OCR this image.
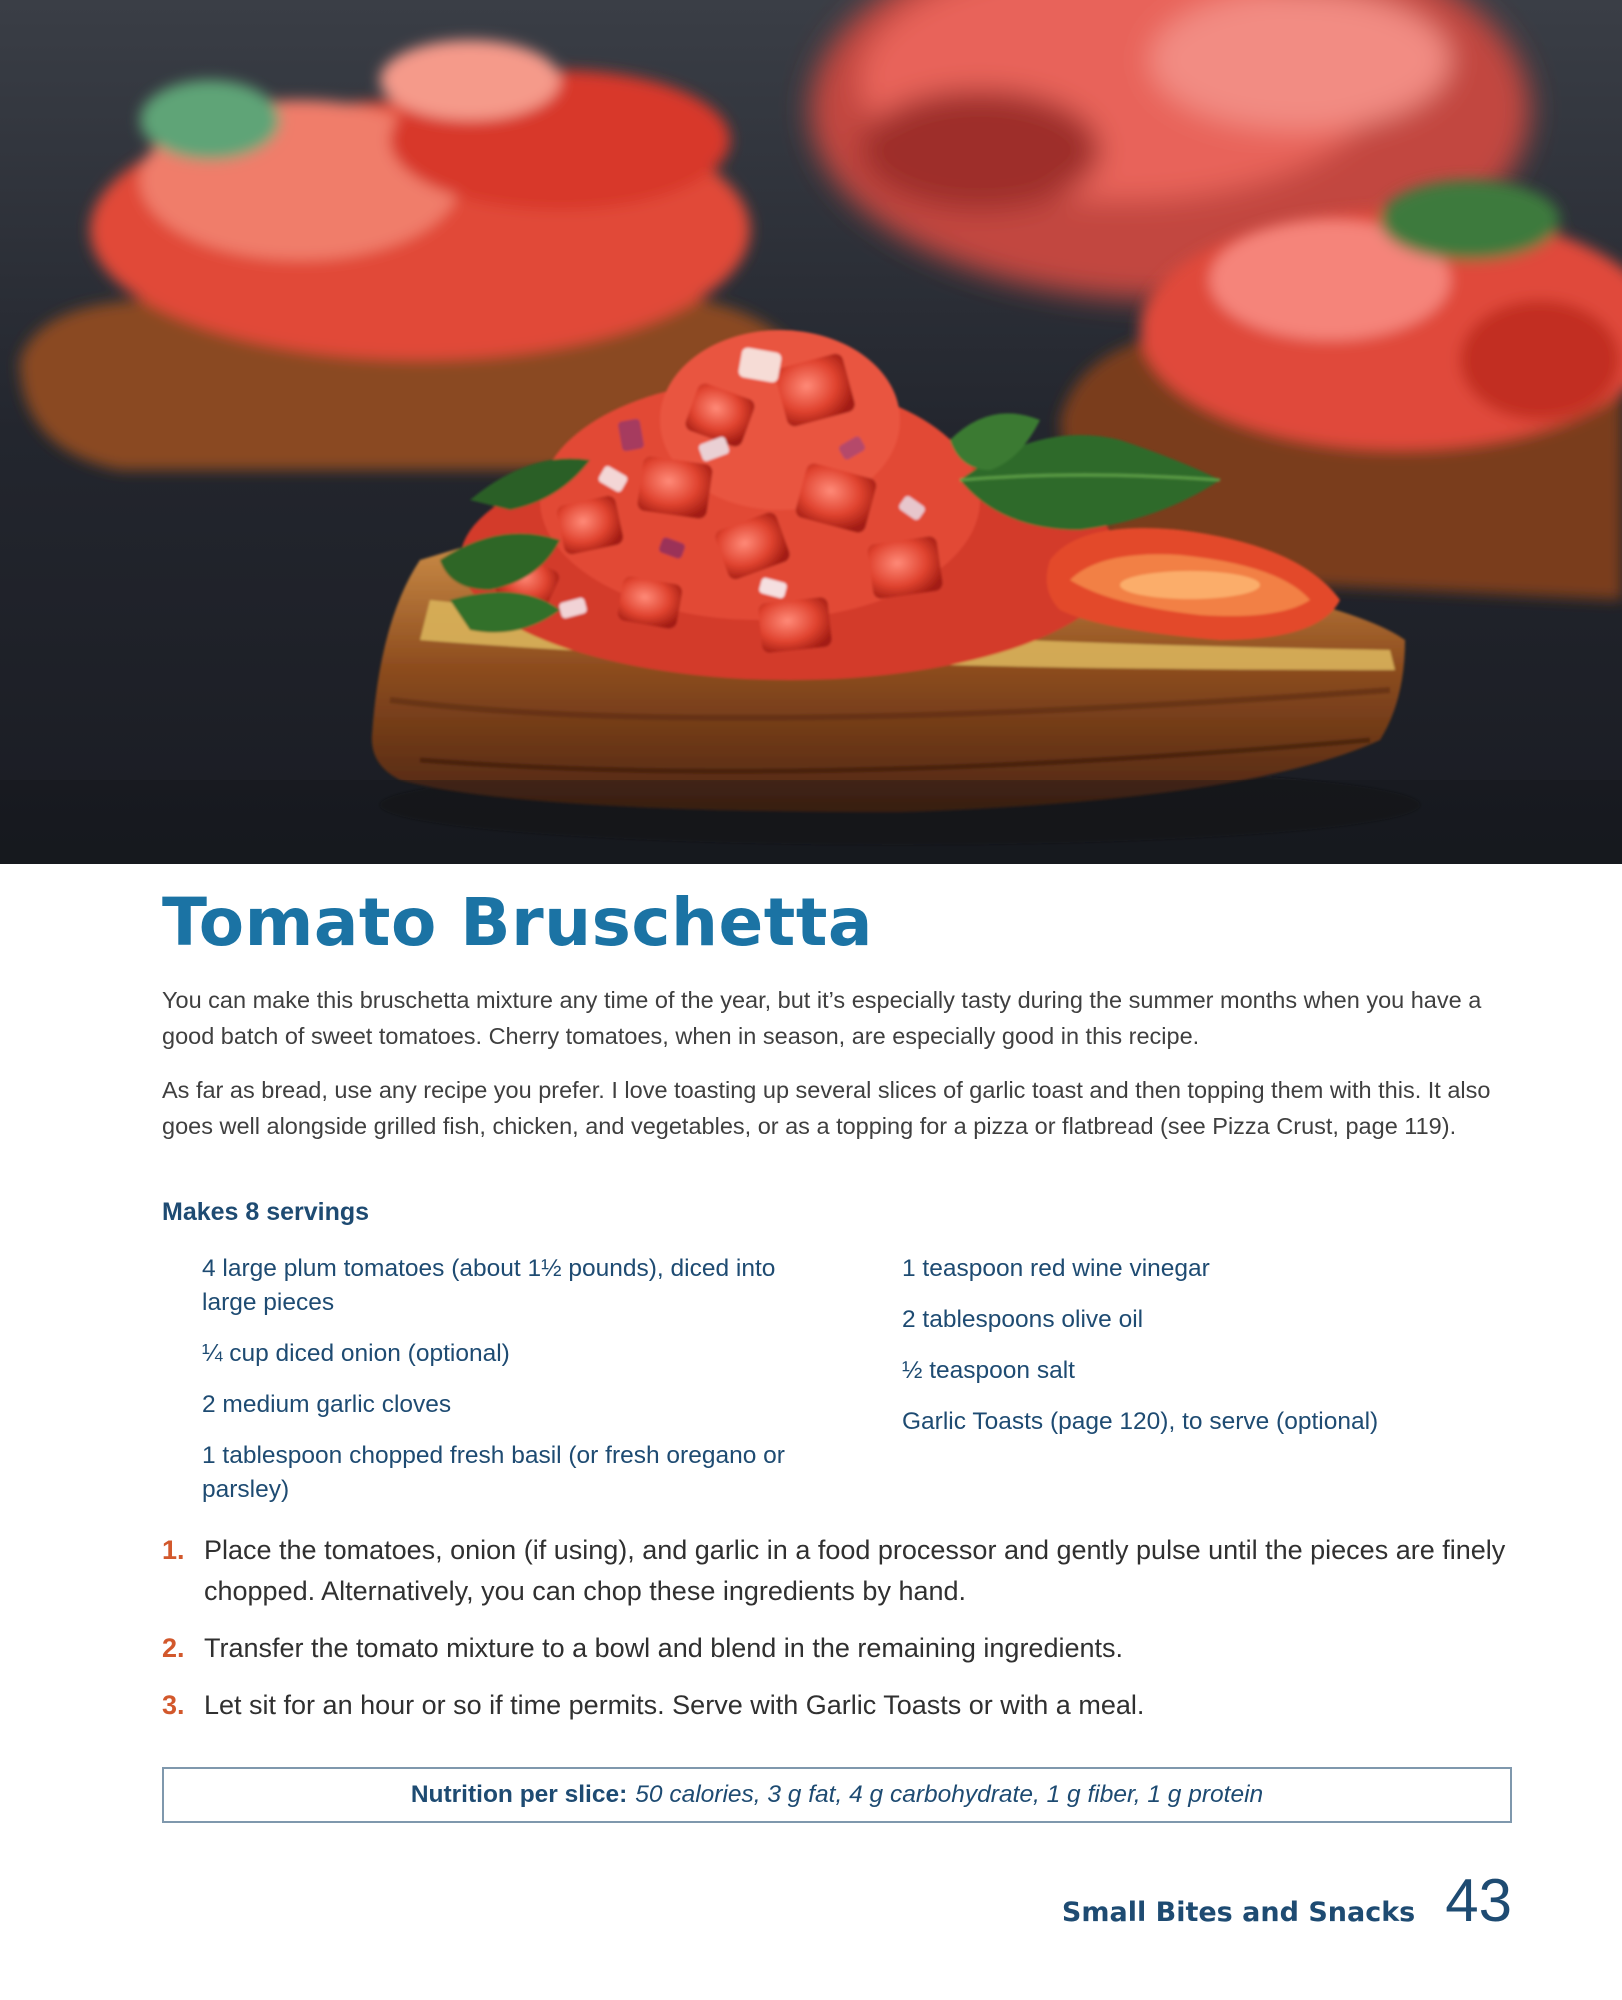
Tomato Bruschetta

You can make this bruschetta mixture any time of the year, but it’s especially tasty during the summer months when you have a good batch of sweet tomatoes. Cherry tomatoes, when in season, are especially good in this recipe.

As far as bread, use any recipe you prefer. I love toasting up several slices of garlic toast and then topping them with this. It also goes well alongside grilled fish, chicken, and vegetables, or as a topping for a pizza or flatbread (see Pizza Crust, page 119).

Makes 8 servings
4 large plum tomatoes (about 1½ pounds), diced into large pieces
¼ cup diced onion (optional)
2 medium garlic cloves
1 tablespoon chopped fresh basil (or fresh oregano or parsley)
1 teaspoon red wine vinegar
2 tablespoons olive oil
½ teaspoon salt
Garlic Toasts (page 120), to serve (optional)
1. Place the tomatoes, onion (if using), and garlic in a food processor and gently pulse until the pieces are finely chopped. Alternatively, you can chop these ingredients by hand.
2. Transfer the tomato mixture to a bowl and blend in the remaining ingredients.
3. Let sit for an hour or so if time permits. Serve with Garlic Toasts or with a meal.
Nutrition per slice: 50 calories, 3 g fat, 4 g carbohydrate, 1 g fiber, 1 g protein
Small Bites and Snacks 43
